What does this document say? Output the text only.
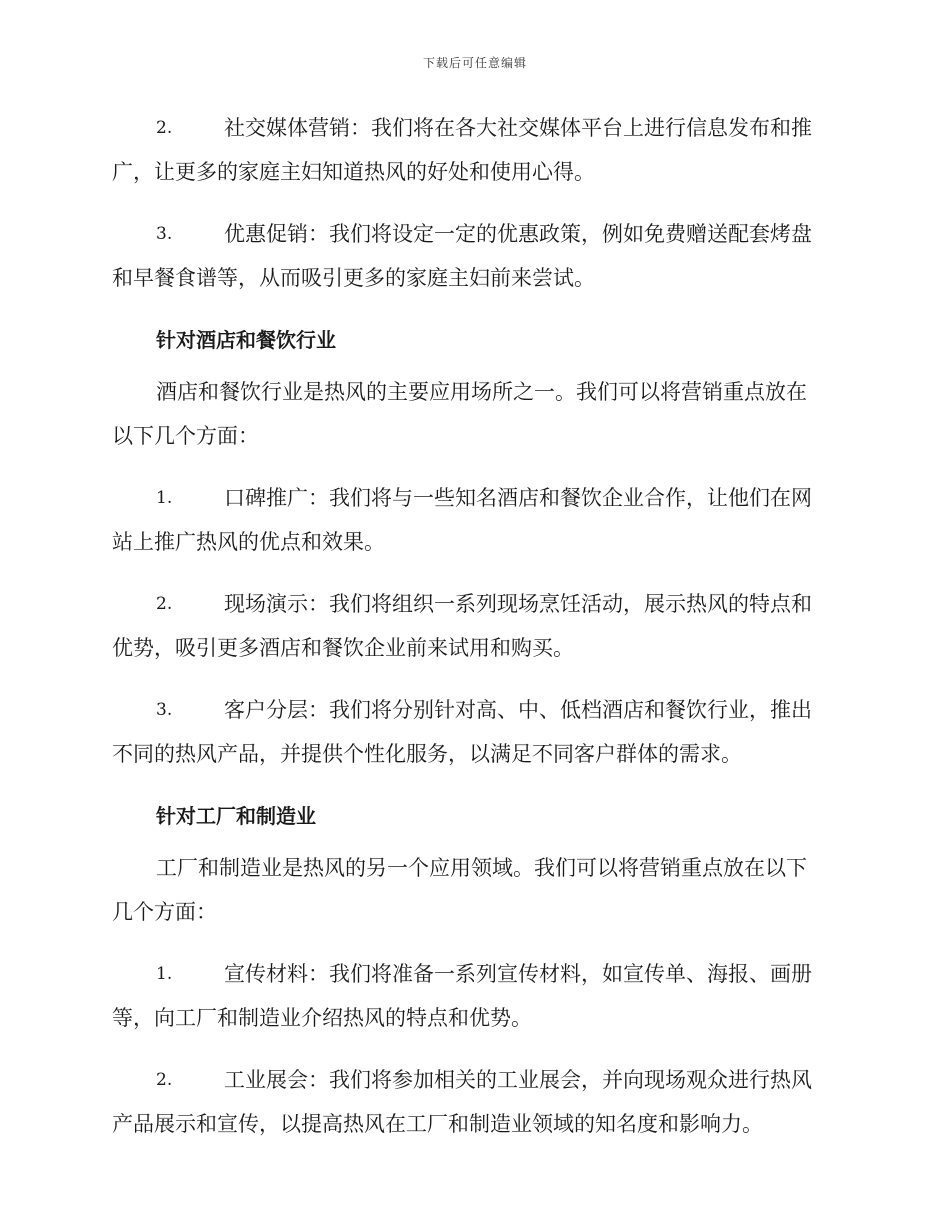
下载后可任意编辑
2.	社交媒体营销：我们将在各大社交媒体平台上进行信息发布和推
广，让更多的家庭主妇知道热风的好处和使用心得。
3.	优惠促销：我们将设定一定的优惠政策，例如免费赠送配套烤盘
和早餐食谱等，从而吸引更多的家庭主妇前来尝试。
针对酒店和餐饮行业
酒店和餐饮行业是热风的主要应用场所之一。我们可以将营销重点放在
以下几个方面：
1.	口碑推广：我们将与一些知名酒店和餐饮企业合作，让他们在网
站上推广热风的优点和效果。
2.	现场演示：我们将组织一系列现场烹饪活动，展示热风的特点和
优势，吸引更多酒店和餐饮企业前来试用和购买。
3.	客户分层：我们将分别针对高、中、低档酒店和餐饮行业，推出
不同的热风产品，并提供个性化服务，以满足不同客户群体的需求。
针对工厂和制造业
工厂和制造业是热风的另一个应用领域。我们可以将营销重点放在以下
几个方面：
1.	宣传材料：我们将准备一系列宣传材料，如宣传单、海报、画册
等，向工厂和制造业介绍热风的特点和优势。
2.	工业展会：我们将参加相关的工业展会，并向现场观众进行热风
产品展示和宣传，以提高热风在工厂和制造业领域的知名度和影响力。
